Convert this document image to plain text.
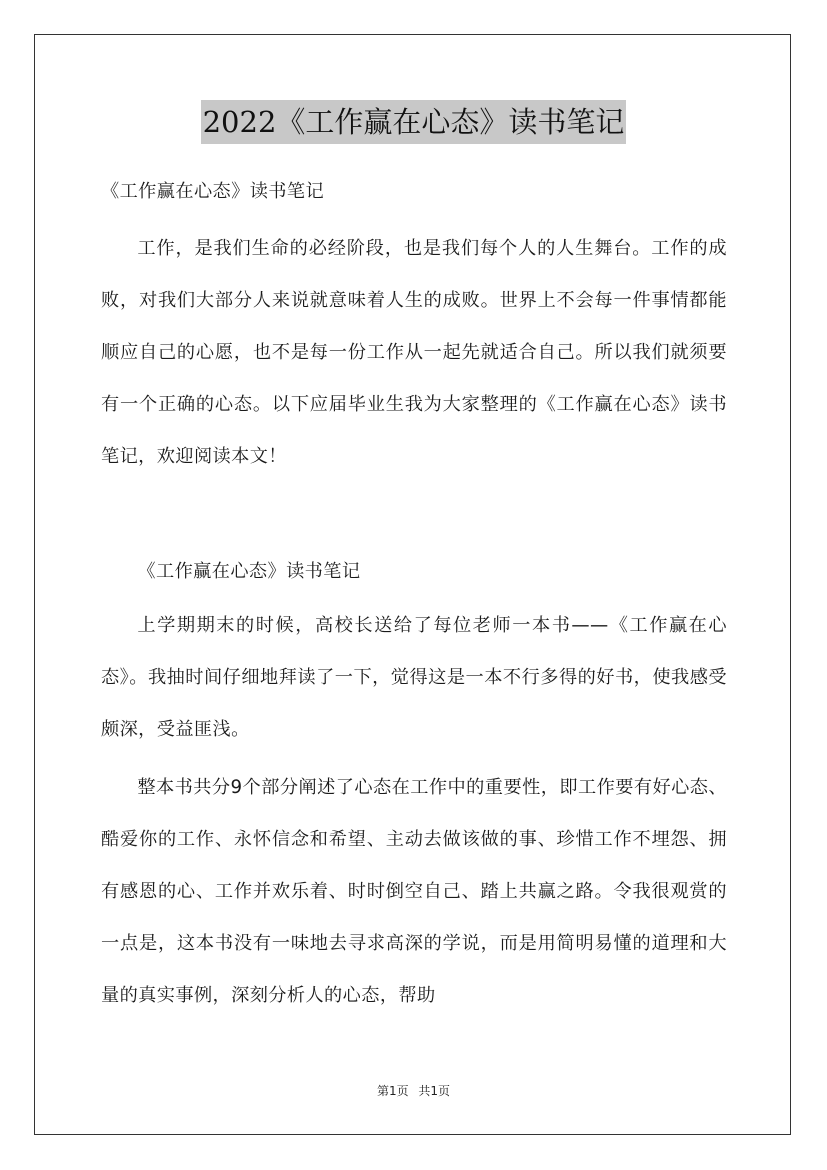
2022《工作赢在心态》读书笔记
《工作赢在心态》读书笔记
工作，是我们生命的必经阶段，也是我们每个人的人生舞台。工作的成败，对我们大部分人来说就意味着人生的成败。世界上不会每一件事情都能顺应自己的心愿，也不是每一份工作从一起先就适合自己。所以我们就须要有一个正确的心态。以下应届毕业生我为大家整理的《工作赢在心态》读书笔记，欢迎阅读本文！
《工作赢在心态》读书笔记
上学期期末的时候，高校长送给了每位老师一本书——《工作赢在心态》。我抽时间仔细地拜读了一下，觉得这是一本不行多得的好书，使我感受颇深，受益匪浅。
整本书共分9个部分阐述了心态在工作中的重要性，即工作要有好心态、酷爱你的工作、永怀信念和希望、主动去做该做的事、珍惜工作不埋怨、拥有感恩的心、工作并欢乐着、时时倒空自己、踏上共赢之路。令我很观赏的一点是，这本书没有一味地去寻求高深的学说，而是用简明易懂的道理和大量的真实事例，深刻分析人的心态，帮助
第1页 共1页
